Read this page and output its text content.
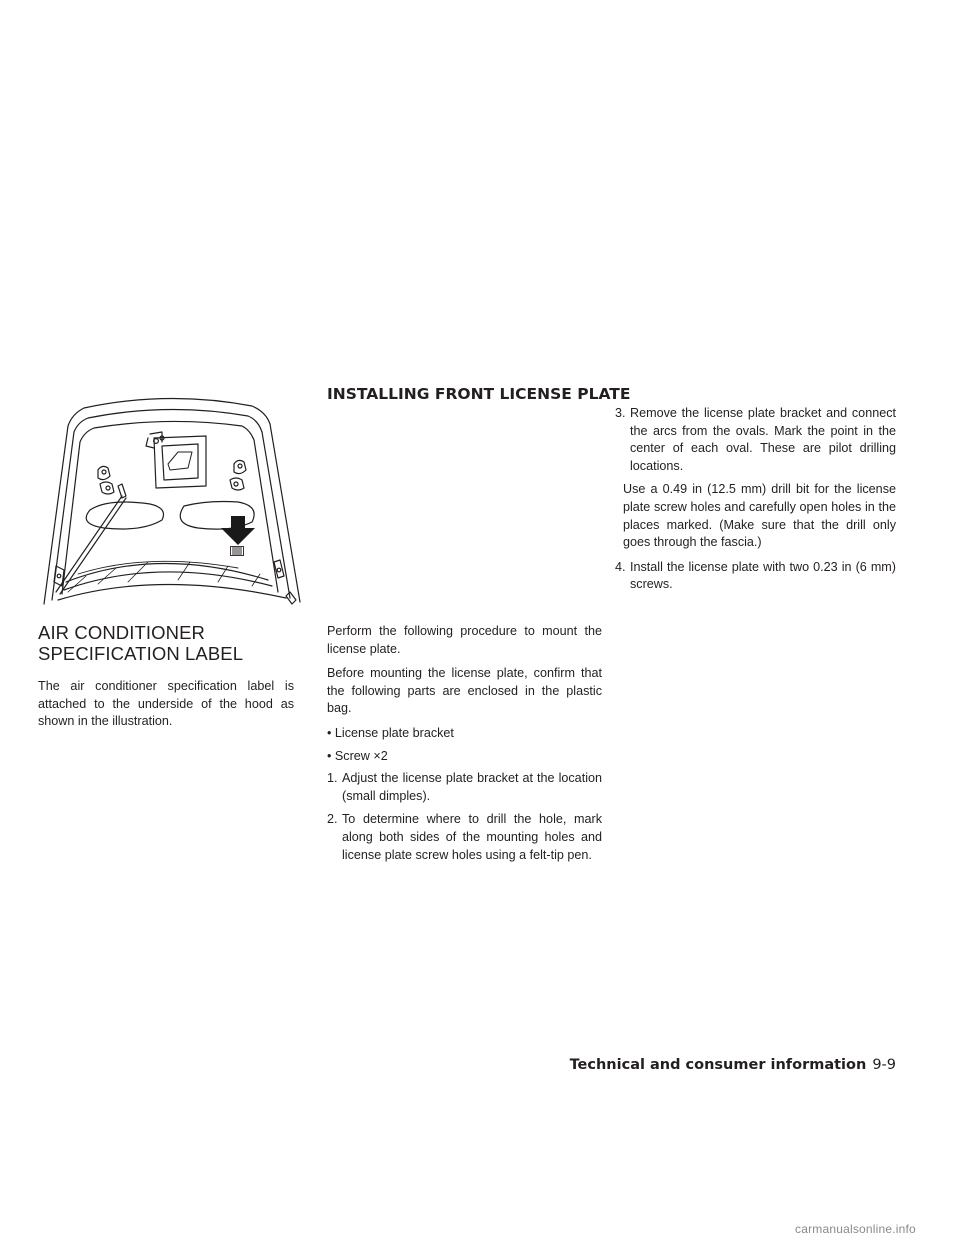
AIR CONDITIONER SPECIFICATION LABEL

The air conditioner specification label is attached to the underside of the hood as shown in the illustration.

INSTALLING FRONT LICENSE PLATE

Perform the following procedure to mount the license plate.

Before mounting the license plate, confirm that the following parts are enclosed in the plastic bag.

• License plate bracket

• Screw ×2

1. Adjust the license plate bracket at the location (small dimples).
2. To determine where to drill the hole, mark along both sides of the mounting holes and license plate screw holes using a felt-tip pen.
3. Remove the license plate bracket and connect the arcs from the ovals. Mark the point in the center of each oval. These are pilot drilling locations.

Use a 0.49 in (12.5 mm) drill bit for the license plate screw holes and carefully open holes in the places marked. (Make sure that the drill only goes through the fascia.)

4. Install the license plate with two 0.23 in (6 mm) screws.
Technical and consumer information 9-9
carmanualsonline.info
